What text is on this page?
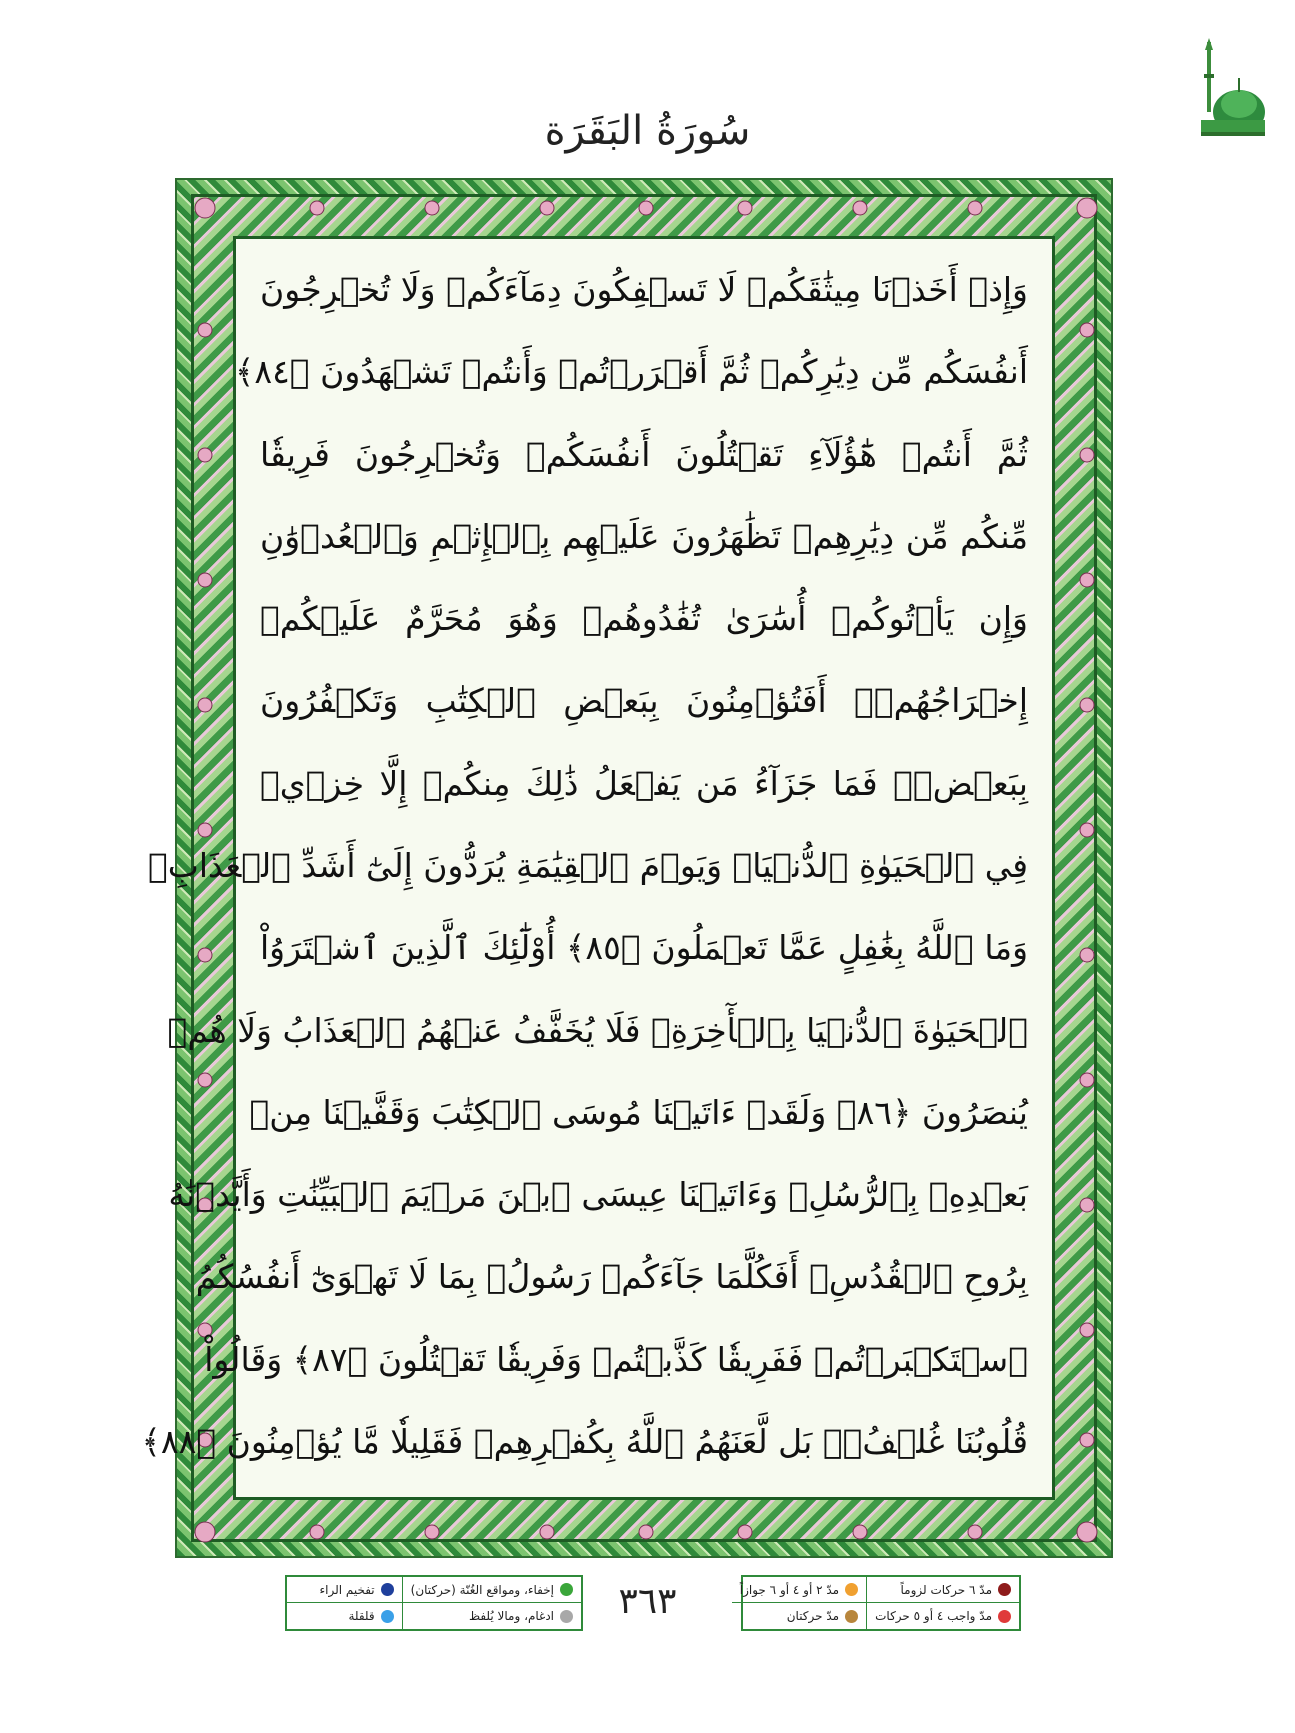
سُورَةُ البَقَرَة
وَإِذۡ أَخَذۡنَا مِيثَٰقَكُمۡ لَا تَسۡفِكُونَ دِمَآءَكُمۡ وَلَا تُخۡرِجُونَ
أَنفُسَكُم مِّن دِيَٰرِكُمۡ ثُمَّ أَقۡرَرۡتُمۡ وَأَنتُمۡ تَشۡهَدُونَ ﴿٨٤﴾
ثُمَّ أَنتُمۡ هَٰٓؤُلَآءِ تَقۡتُلُونَ أَنفُسَكُمۡ وَتُخۡرِجُونَ فَرِيقٗا
مِّنكُم مِّن دِيَٰرِهِمۡ تَظَٰهَرُونَ عَلَيۡهِم بِٱلۡإِثۡمِ وَٱلۡعُدۡوَٰنِ
وَإِن يَأۡتُوكُمۡ أُسَٰرَىٰ تُفَٰدُوهُمۡ وَهُوَ مُحَرَّمٌ عَلَيۡكُمۡ
إِخۡرَاجُهُمۡۚ أَفَتُؤۡمِنُونَ بِبَعۡضِ ٱلۡكِتَٰبِ وَتَكۡفُرُونَ
بِبَعۡضٖۚ فَمَا جَزَآءُ مَن يَفۡعَلُ ذَٰلِكَ مِنكُمۡ إِلَّا خِزۡيٞ
فِي ٱلۡحَيَوٰةِ ٱلدُّنۡيَاۖ وَيَوۡمَ ٱلۡقِيَٰمَةِ يُرَدُّونَ إِلَىٰٓ أَشَدِّ ٱلۡعَذَابِۗ
وَمَا ٱللَّهُ بِغَٰفِلٍ عَمَّا تَعۡمَلُونَ ﴿٨٥﴾ أُوْلَٰٓئِكَ ٱلَّذِينَ ٱشۡتَرَوُاْ
ٱلۡحَيَوٰةَ ٱلدُّنۡيَا بِٱلۡأٓخِرَةِۖ فَلَا يُخَفَّفُ عَنۡهُمُ ٱلۡعَذَابُ وَلَا هُمۡ
يُنصَرُونَ ﴿٨٦﴾ وَلَقَدۡ ءَاتَيۡنَا مُوسَى ٱلۡكِتَٰبَ وَقَفَّيۡنَا مِنۢ
بَعۡدِهِۦ بِٱلرُّسُلِۖ وَءَاتَيۡنَا عِيسَى ٱبۡنَ مَرۡيَمَ ٱلۡبَيِّنَٰتِ وَأَيَّدۡنَٰهُ
بِرُوحِ ٱلۡقُدُسِۗ أَفَكُلَّمَا جَآءَكُمۡ رَسُولُۢ بِمَا لَا تَهۡوَىٰٓ أَنفُسُكُمُ
ٱسۡتَكۡبَرۡتُمۡ فَفَرِيقٗا كَذَّبۡتُمۡ وَفَرِيقٗا تَقۡتُلُونَ ﴿٨٧﴾ وَقَالُواْ
قُلُوبُنَا غُلۡفُۢۚ بَل لَّعَنَهُمُ ٱللَّهُ بِكُفۡرِهِمۡ فَقَلِيلٗا مَّا يُؤۡمِنُونَ ﴿٨٨﴾
مدّ ٦ حركات لزوماً
مدّ ٢ أو ٤ أو ٦ جوازاً
مدّ واجب ٤ أو ٥ حركات
مدّ حركتان
٣٦٣
إخفاء، ومواقع الغُنّة (حركتان)
تفخيم الراء
ادغام، ومالا يُلفظ
قلقلة
